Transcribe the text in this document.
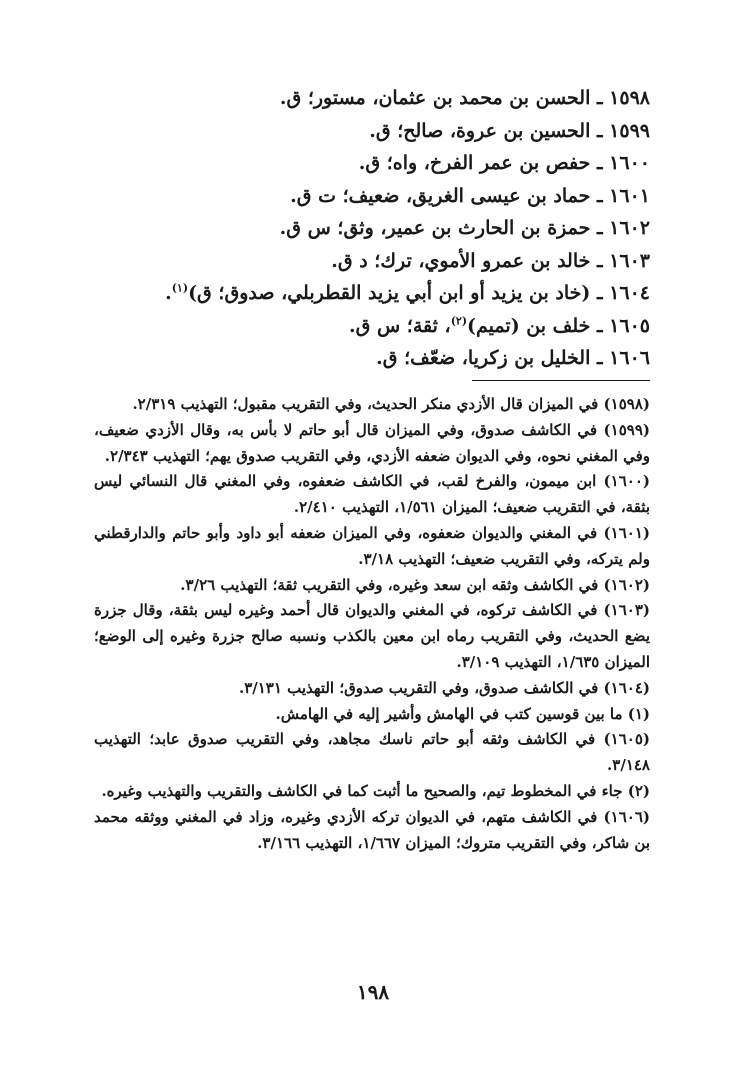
١٥٩٨ ـ الحسن بن محمد بن عثمان، مستور؛ ق.
١٥٩٩ ـ الحسين بن عروة، صالح؛ ق.
١٦٠٠ ـ حفص بن عمر الفرخ، واه؛ ق.
١٦٠١ ـ حماد بن عيسى الغريق، ضعيف؛ ت ق.
١٦٠٢ ـ حمزة بن الحارث بن عمير، وثق؛ س ق.
١٦٠٣ ـ خالد بن عمرو الأموي، ترك؛ د ق.
١٦٠٤ ـ (خاد بن يزيد أو ابن أبي يزيد القطربلي، صدوق؛ ق)$^{(١)}$.
١٦٠٥ ـ خلف بن (تميم)$^{(٢)}$، ثقة؛ س ق.
١٦٠٦ ـ الخليل بن زكريا، ضعّف؛ ق.
(١٥٩٨) في الميزان قال الأزدي منكر الحديث، وفي التقريب مقبول؛ التهذيب ٢/٣١٩.
(١٥٩٩) في الكاشف صدوق، وفي الميزان قال أبو حاتم لا بأس به، وقال الأزدي ضعيف، وفي المغني نحوه، وفي الديوان ضعفه الأزدي، وفي التقريب صدوق يهم؛ التهذيب ٢/٣٤٣.
(١٦٠٠) ابن ميمون، والفرخ لقب، في الكاشف ضعفوه، وفي المغني قال النسائي ليس بثقة، في التقريب ضعيف؛ الميزان ١/٥٦١، التهذيب ٢/٤١٠.
(١٦٠١) في المغني والديوان ضعفوه، وفي الميزان ضعفه أبو داود وأبو حاتم والدارقطني ولم يتركه، وفي التقريب ضعيف؛ التهذيب ٣/١٨.
(١٦٠٢) في الكاشف وثقه ابن سعد وغيره، وفي التقريب ثقة؛ التهذيب ٣/٢٦.
(١٦٠٣) في الكاشف تركوه، في المغني والديوان قال أحمد وغيره ليس بثقة، وقال جزرة يضع الحديث، وفي التقريب رماه ابن معين بالكذب ونسبه صالح جزرة وغيره إلى الوضع؛ الميزان ١/٦٣٥، التهذيب ٣/١٠٩.
(١٦٠٤) في الكاشف صدوق، وفي التقريب صدوق؛ التهذيب ٣/١٣١.
(١) ما بين قوسين كتب في الهامش وأشير إليه في الهامش.
(١٦٠٥) في الكاشف وثقه أبو حاتم ناسك مجاهد، وفي التقريب صدوق عابد؛ التهذيب ٣/١٤٨.
(٢) جاء في المخطوط تيم، والصحيح ما أثبت كما في الكاشف والتقريب والتهذيب وغيره.
(١٦٠٦) في الكاشف متهم، في الديوان تركه الأزدي وغيره، وزاد في المغني ووثقه محمد بن شاكر، وفي التقريب متروك؛ الميزان ١/٦٦٧، التهذيب ٣/١٦٦.
١٩٨
